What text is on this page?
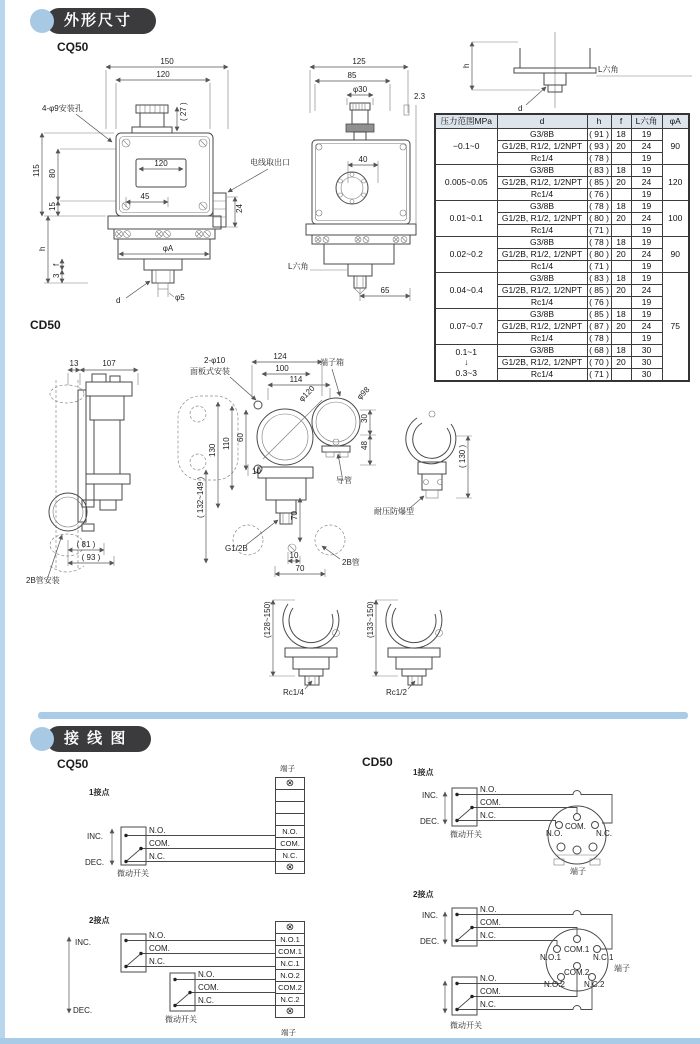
外形尺寸
CQ50
150
120
( 27 )
4-φ9安装孔
115 80
15
120
45
电线取出口
24
φA
h
f
3
d	φ5
125
85
φ30
2.3
40
L六角
65
h	L六角
d
压力范围MPa	d	h	f	L六角	φA
−0.1~0	G3/8B	( 91 )	18	19	90
	G1/2B, R1/2, 1/2NPT	( 93 )	20	24	
	Rc1/4	( 78 )		19	
0.005~0.05	G3/8B	( 83 )	18	19	120
	G1/2B, R1/2, 1/2NPT	( 85 )	20	24	
	Rc1/4	( 76 )		19	
0.01~0.1	G3/8B	( 78 )	18	19	100
	G1/2B, R1/2, 1/2NPT	( 80 )	20	24	
	Rc1/4	( 71 )		19	
0.02~0.2	G3/8B	( 78 )	18	19	90
	G1/2B, R1/2, 1/2NPT	( 80 )	20	24	
	Rc1/4	( 71 )		19	
0.04~0.4	G3/8B	( 83 )	18	19	75
	G1/2B, R1/2, 1/2NPT	( 85 )	20	24	
	Rc1/4	( 76 )		19	
0.07~0.7	G3/8B	( 85 )	18	19	
	G1/2B, R1/2, 1/2NPT	( 87 )	20	24	
	Rc1/4	( 78 )		19	
0.1~1
↓
0.3~3	G3/8B	( 68 )	18	30	
	G1/2B, R1/2, 1/2NPT	( 70 )	20	30	
	Rc1/4	( 71 )		30	
CD50
13	107
( 81 )
( 93 )
2B管安装
2-φ10
面板式安装
124
100
114
端子箱
φ120	φ98
60
110
130
10
( 132~149 )	70
G1/2B
10
70
2B管
导管
30
48
耐压防爆型
( 130 )
(128~150)
Rc1/4
(133~150)
Rc1/2
接 线 图
CQ50	CD50
1接点
N.O.
COM.
N.C.
INC.
DEC.
微动开关
2接点
N.O.
COM.
N.C.
N.O.
COM.
N.C.
INC.
DEC.
微动开关
端子
⊗
N.O.
COM.
N.C.
⊗
⊗
N.O.1
COM.1
N.C.1
N.O.2
COM.2
N.C.2
⊗
端子
1接点
N.O.
COM.
N.C.
INC.
DEC.
微动开关	N.O.
COM.
N.C.
端子
2接点
N.O.
COM.
N.C.
INC.
DEC.
COM.1
N.O.1	N.C.1
COM.2
N.O.2 N.C.2
端子
N.O.
COM.
N.C.
微动开关
